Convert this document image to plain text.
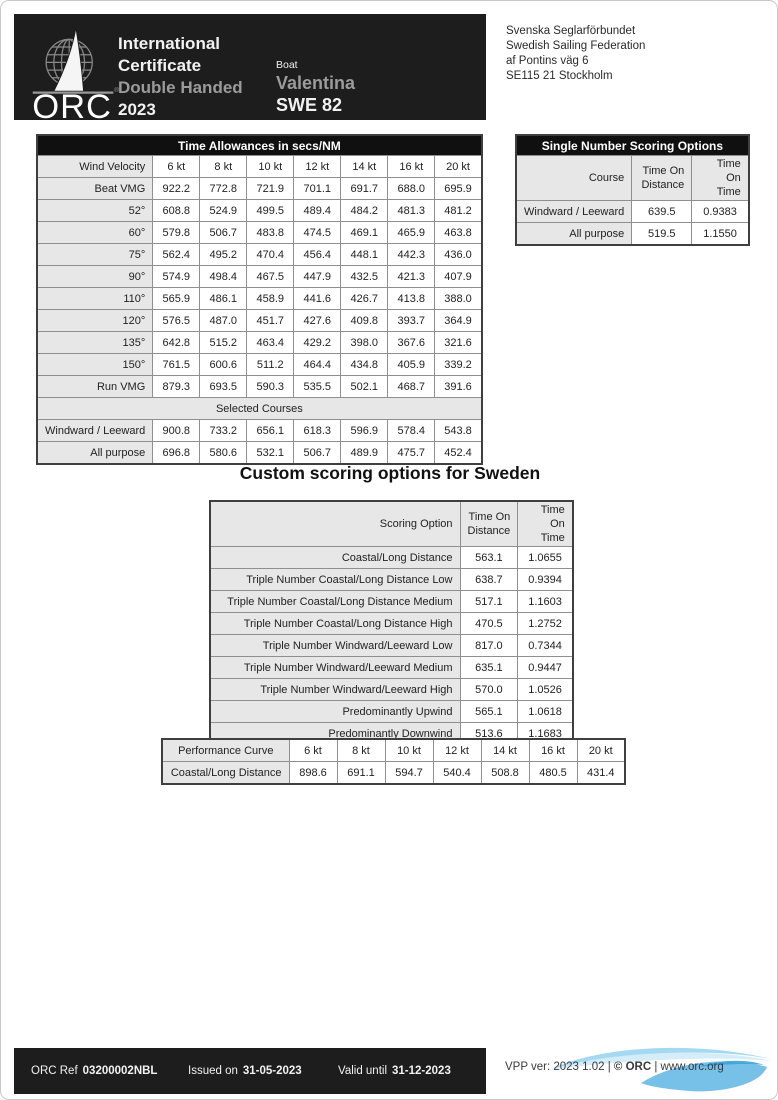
®
ORC
International
Certificate
Double Handed
2023
Boat
Valentina
SWE 82
Svenska Seglarförbundet
Swedish Sailing Federation
af Pontins väg 6
SE115 21 Stockholm
Time Allowances in secs/NM							
Wind Velocity	6 kt	8 kt	10 kt	12 kt	14 kt	16 kt	20 kt
Beat VMG	922.2	772.8	721.9	701.1	691.7	688.0	695.9
52°	608.8	524.9	499.5	489.4	484.2	481.3	481.2
60°	579.8	506.7	483.8	474.5	469.1	465.9	463.8
75°	562.4	495.2	470.4	456.4	448.1	442.3	436.0
90°	574.9	498.4	467.5	447.9	432.5	421.3	407.9
110°	565.9	486.1	458.9	441.6	426.7	413.8	388.0
120°	576.5	487.0	451.7	427.6	409.8	393.7	364.9
135°	642.8	515.2	463.4	429.2	398.0	367.6	321.6
150°	761.5	600.6	511.2	464.4	434.8	405.9	339.2
Run VMG	879.3	693.5	590.3	535.5	502.1	468.7	391.6
Selected Courses							
Windward / Leeward	900.8	733.2	656.1	618.3	596.9	578.4	543.8
All purpose	696.8	580.6	532.1	506.7	489.9	475.7	452.4
Single Number Scoring Options		
Course	Time On Distance	Time On Time
Windward / Leeward	639.5	0.9383
All purpose	519.5	1.1550
Custom scoring options for Sweden
Scoring Option	Time On Distance	Time On Time
Coastal/Long Distance	563.1	1.0655
Triple Number Coastal/Long Distance Low	638.7	0.9394
Triple Number Coastal/Long Distance Medium	517.1	1.1603
Triple Number Coastal/Long Distance High	470.5	1.2752
Triple Number Windward/Leeward Low	817.0	0.7344
Triple Number Windward/Leeward Medium	635.1	0.9447
Triple Number Windward/Leeward High	570.0	1.0526
Predominantly Upwind	565.1	1.0618
Predominantly Downwind	513.6	1.1683
Performance Curve	6 kt	8 kt	10 kt	12 kt	14 kt	16 kt	20 kt
Coastal/Long Distance	898.6	691.1	594.7	540.4	508.8	480.5	431.4
ORC Ref 03200002NBL	Issued on 31-05-2023	Valid until 31-12-2023	VPP ver: 2023 1.02 | © ORC | www.orc.org
